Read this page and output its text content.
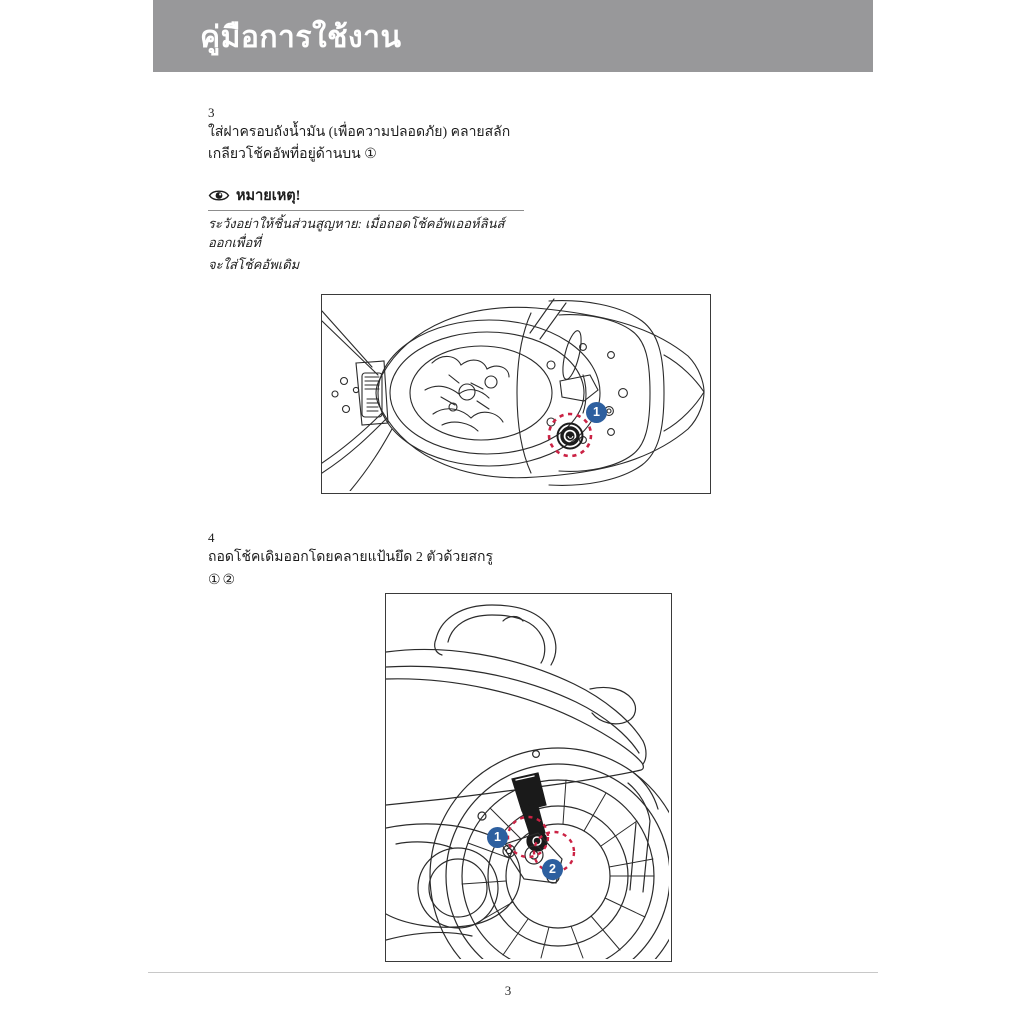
คู่มือการใช้งาน
3

ใส่ฝาครอบถังน้ำมัน (เพื่อความปลอดภัย) คลายสลัก

เกลียวโช้คอัพที่อยู่ด้านบน ①

หมายเหตุ!

ระวังอย่าให้ชิ้นส่วนสูญหาย: เมื่อถอดโช้คอัพเออห์ลินส์ออกเพื่อที่

จะใส่โช้คอัพเดิม

1
4

ถอดโช้คเดิมออกโดยคลายแป้นยึด 2 ตัวด้วยสกรู

①②

1
2
3
